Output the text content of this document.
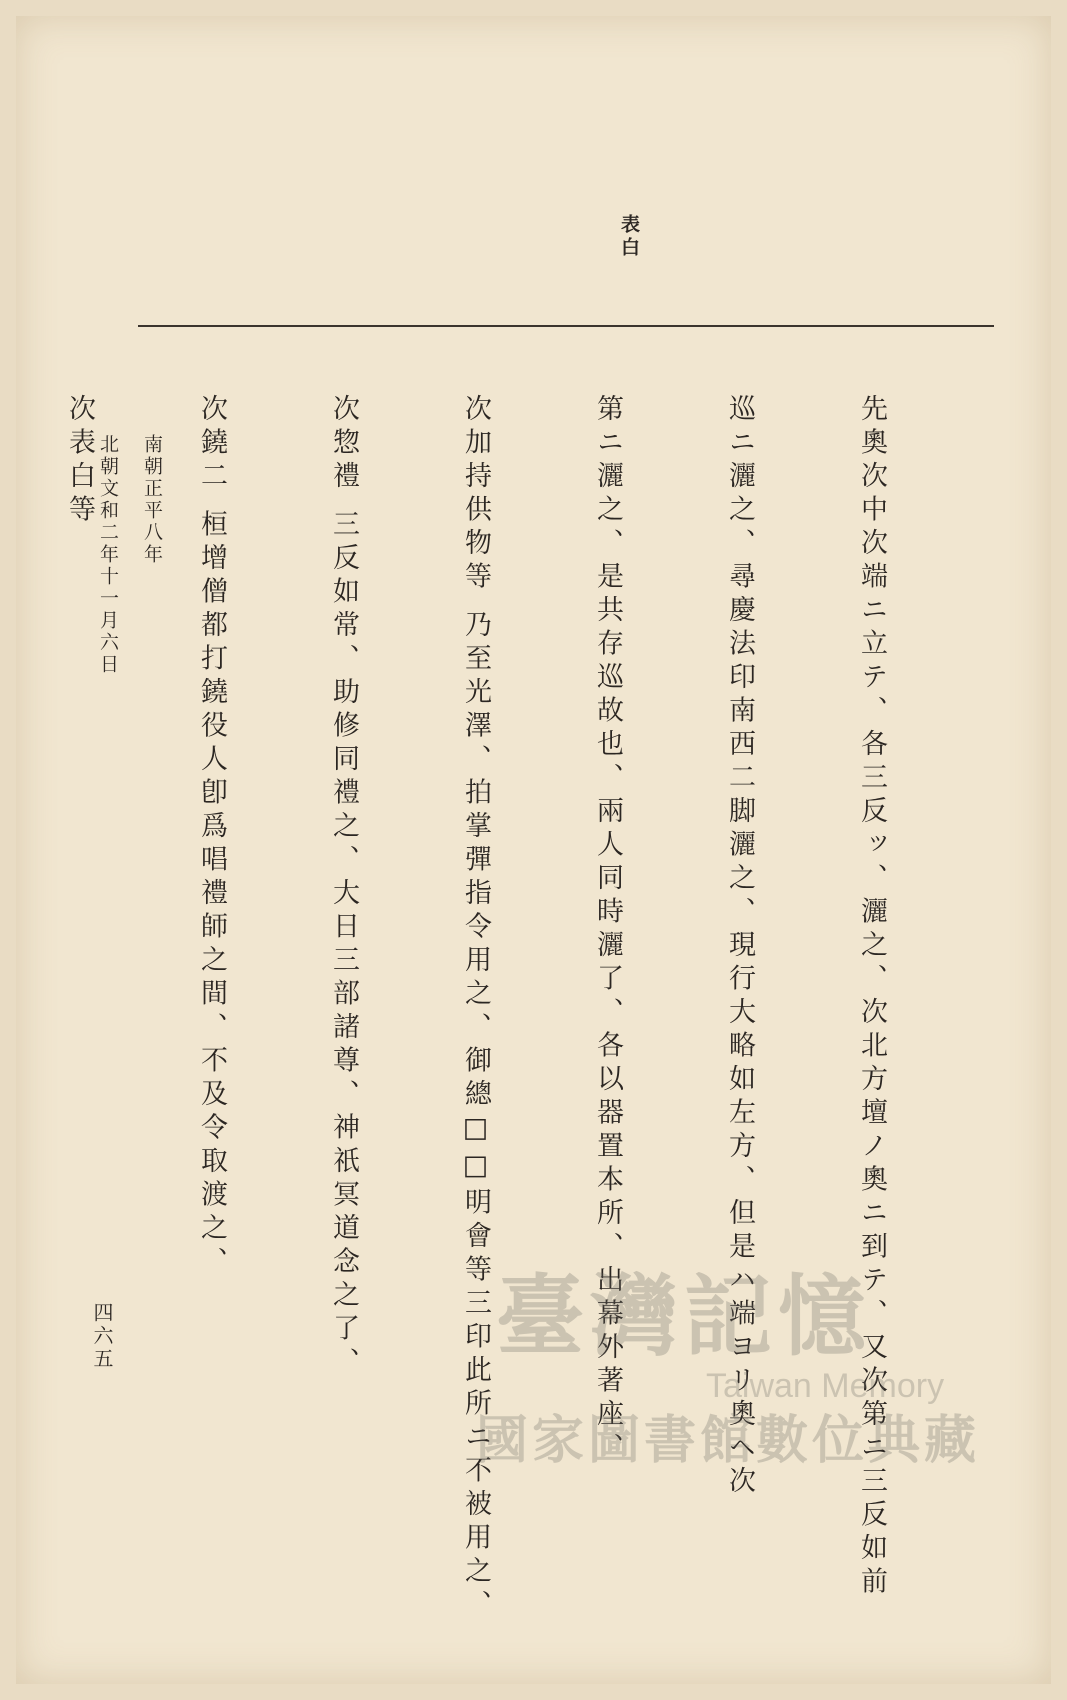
表白

先奧次中次端ニ立テ、各三反ッ、灑之、次北方壇ノ奧ニ到テ、又次第ニ三反如前

巡ニ灑之、尋慶法印南西二脚灑之、現行大略如左方、但是ハ端ヨリ奧ヘ次

第ニ灑之、是共存巡故也、兩人同時灑了、各以器置本所、出幕外著座、

次加持供物等 乃至光澤、拍掌彈指令用之、御總□□明會等三印此所ニ不被用之、

次惣禮 三反如常、助修同禮之、大日三部諸尊、神祇冥道念之了、

次鐃二 桓增僧都打鐃役人卽爲唱禮師之間、不及令取渡之、

次表白等

	南朝正平八年
北朝文和二年十一月六日
四六五	臺灣記憶
Taiwan Memory
國家圖書館數位典藏
